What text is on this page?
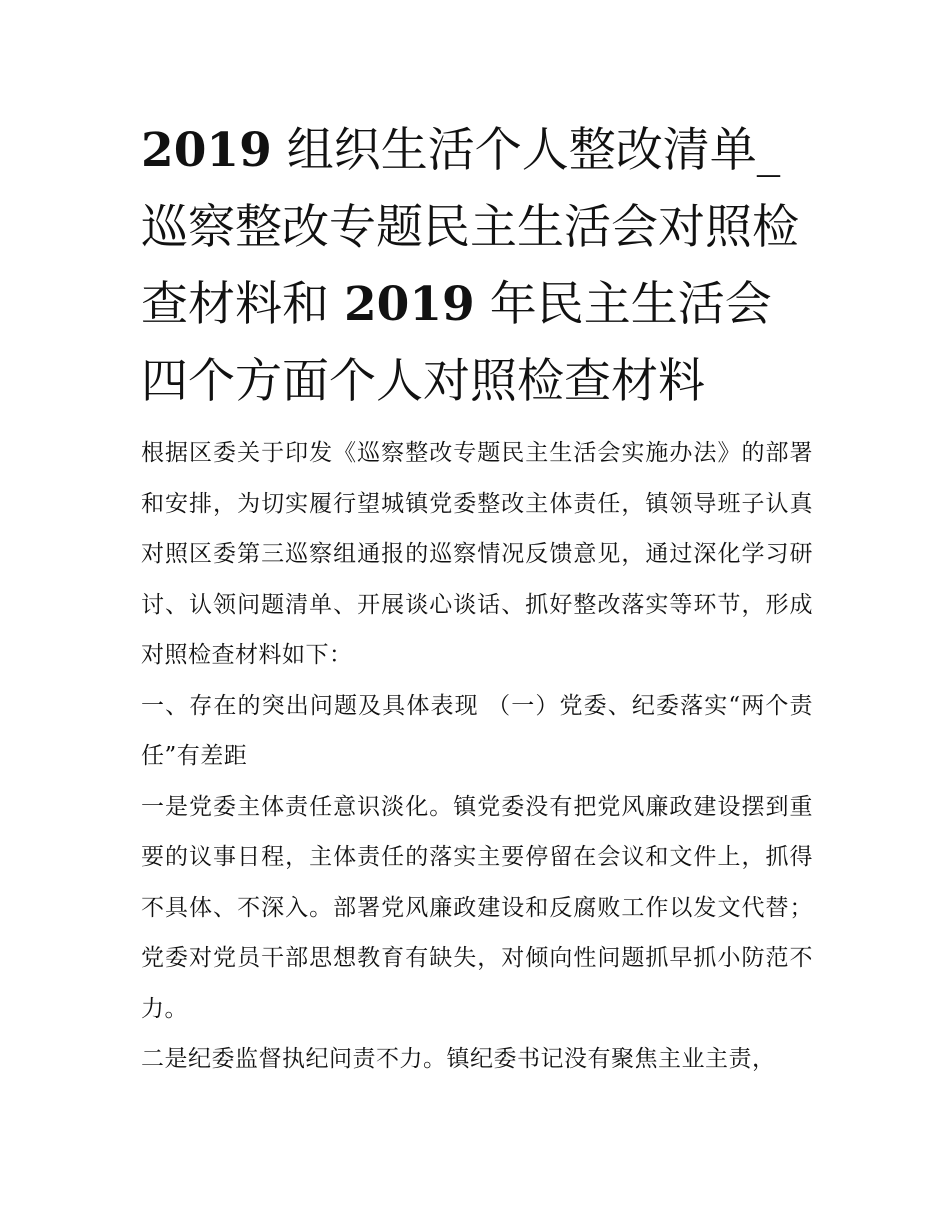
2019 组织生活个人整改清单_巡察整改专题民主生活会对照检查材料和 2019 年民主生活会四个方面个人对照检查材料

根据区委关于印发《巡察整改专题民主生活会实施办法》的部署和安排，为切实履行望城镇党委整改主体责任，镇领导班子认真对照区委第三巡察组通报的巡察情况反馈意见，通过深化学习研讨、认领问题清单、开展谈心谈话、抓好整改落实等环节，形成对照检查材料如下：

一、存在的突出问题及具体表现 （一）党委、纪委落实“两个责任”有差距

一是党委主体责任意识淡化。镇党委没有把党风廉政建设摆到重要的议事日程，主体责任的落实主要停留在会议和文件上，抓得不具体、不深入。部署党风廉政建设和反腐败工作以发文代替；党委对党员干部思想教育有缺失，对倾向性问题抓早抓小防范不力。

二是纪委监督执纪问责不力。镇纪委书记没有聚焦主业主责，
